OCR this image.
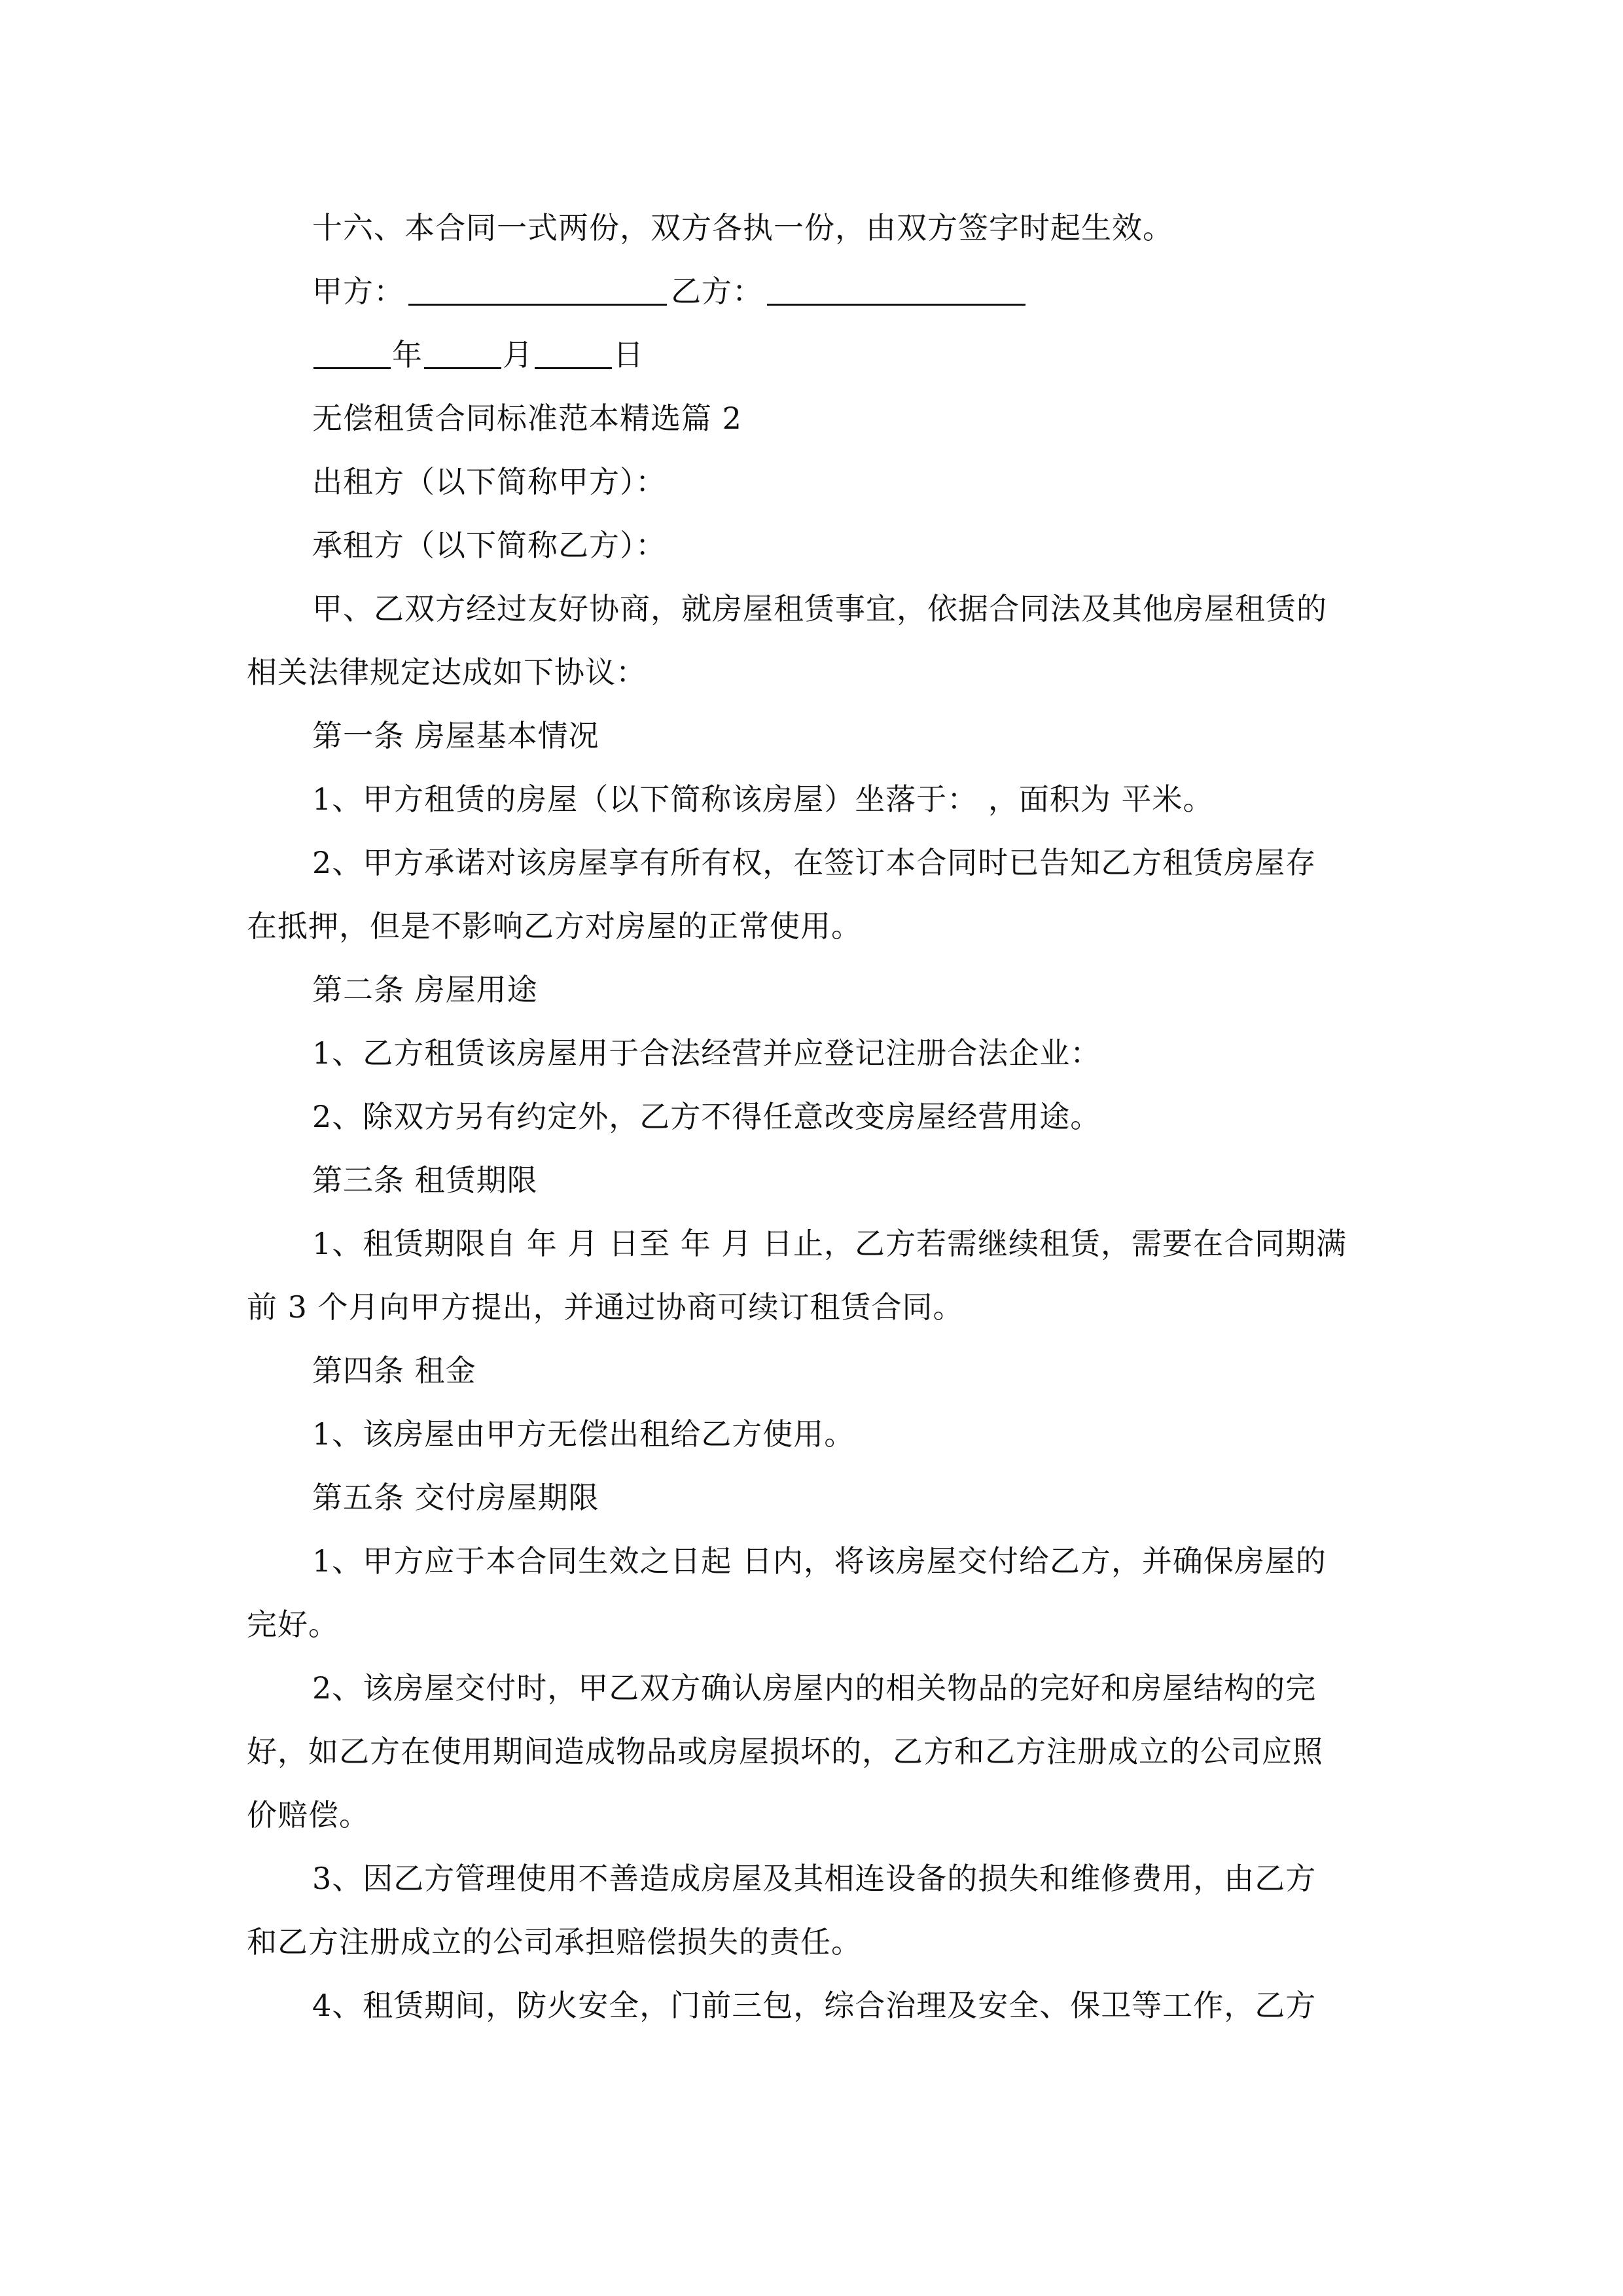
十六、本合同一式两份，双方各执一份，由双方签字时起生效。
甲方：	乙方：
年	月	日
无偿租赁合同标准范本精选篇 2
出租方（以下简称甲方）：
承租方（以下简称乙方）：
甲、乙双方经过友好协商，就房屋租赁事宜，依据合同法及其他房屋租赁的
相关法律规定达成如下协议：
第一条 房屋基本情况
1、甲方租赁的房屋（以下简称该房屋）坐落于： ，面积为 平米。
2、甲方承诺对该房屋享有所有权，在签订本合同时已告知乙方租赁房屋存
在抵押，但是不影响乙方对房屋的正常使用。
第二条 房屋用途
1、乙方租赁该房屋用于合法经营并应登记注册合法企业：
2、除双方另有约定外，乙方不得任意改变房屋经营用途。
第三条 租赁期限
1、租赁期限自 年 月 日至 年 月 日止，乙方若需继续租赁，需要在合同期满
前 3 个月向甲方提出，并通过协商可续订租赁合同。
第四条 租金
1、该房屋由甲方无偿出租给乙方使用。
第五条 交付房屋期限
1、甲方应于本合同生效之日起 日内，将该房屋交付给乙方，并确保房屋的
完好。
2、该房屋交付时，甲乙双方确认房屋内的相关物品的完好和房屋结构的完
好，如乙方在使用期间造成物品或房屋损坏的，乙方和乙方注册成立的公司应照
价赔偿。
3、因乙方管理使用不善造成房屋及其相连设备的损失和维修费用，由乙方
和乙方注册成立的公司承担赔偿损失的责任。
4、租赁期间，防火安全，门前三包，综合治理及安全、保卫等工作，乙方
